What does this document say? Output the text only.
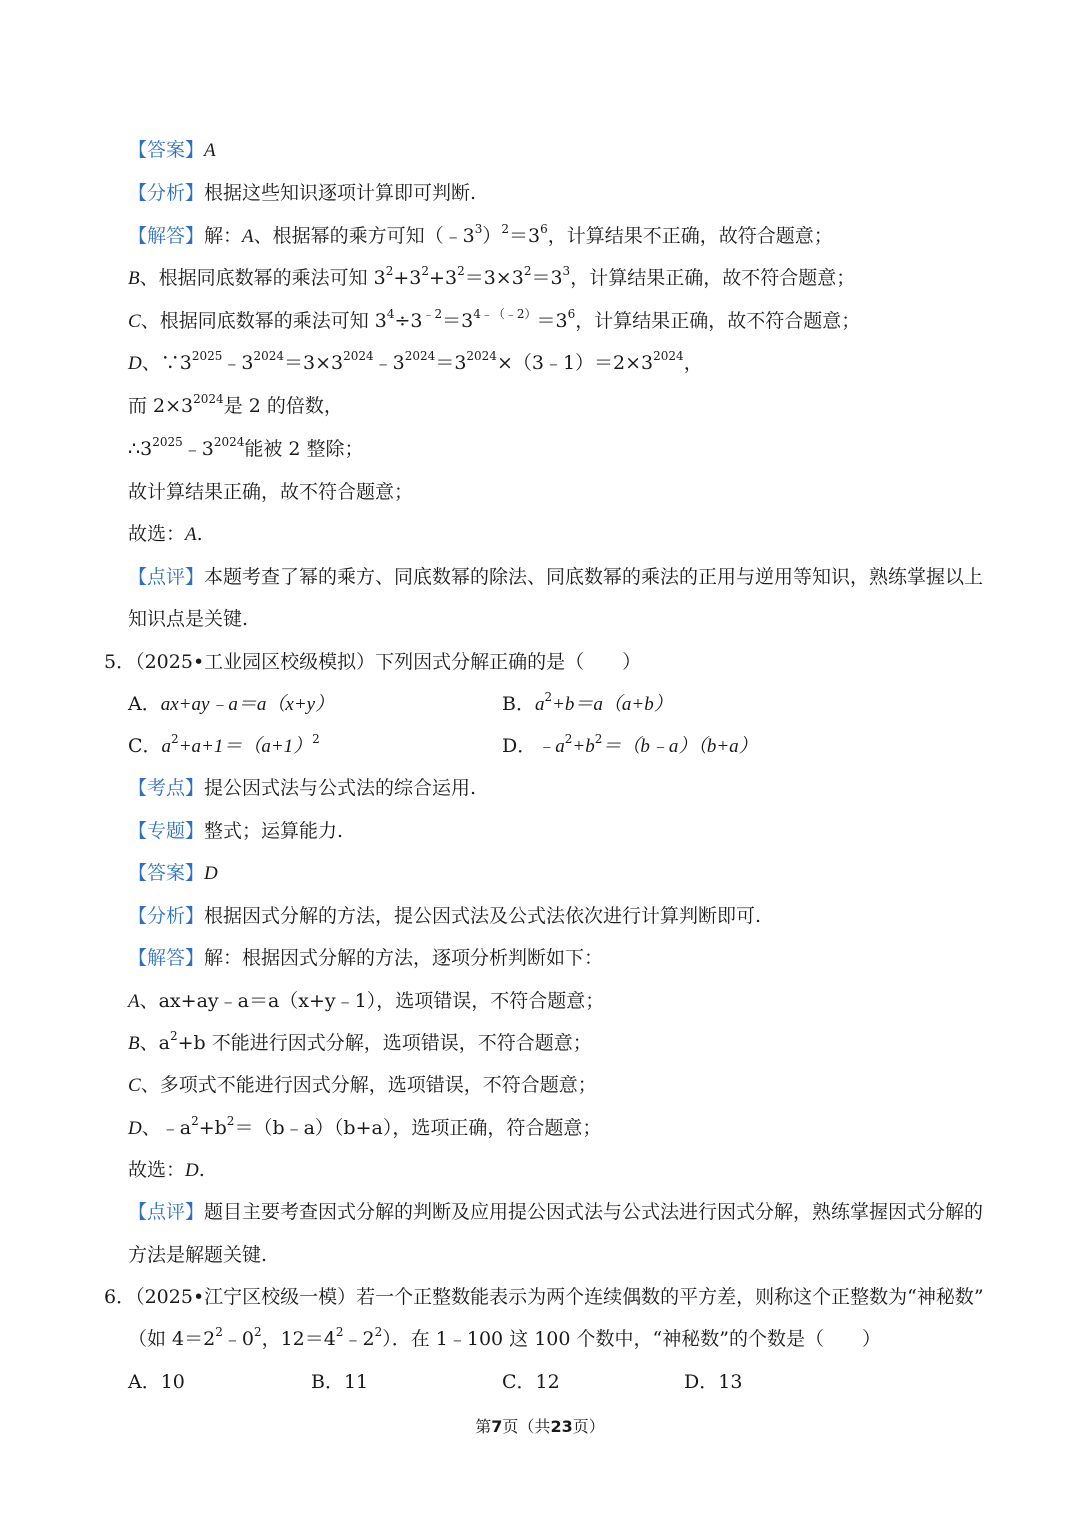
【答案】A
【分析】根据这些知识逐项计算即可判断.
【解答】解：A、根据幂的乘方可知$(﹣3^3)^2=3^6$，计算结果不正确，故符合题意；
B、根据同底数幂的乘法可知 $3^2+3^2+3^2=3\times 3^2=3^3$，计算结果正确，故不符合题意；
C、根据同底数幂的乘法可知 $3^4\div 3^{﹣2}=3^{4﹣(﹣2)}=3^6$，计算结果正确，故不符合题意；
D、$\because 3^{2025}﹣3^{2024}=3\times 3^{2024}﹣3^{2024}=3^{2024}\times(3﹣1)=2\times 3^{2024}$，
而 $2\times 3^{2024}$是 2 的倍数，
$\therefore 3^{2025}﹣3^{2024}$能被 2 整除；
故计算结果正确，故不符合题意；
故选：A.
【点评】本题考查了幂的乘方、同底数幂的除法、同底数幂的乘法的正用与逆用等知识，熟练掌握以上
知识点是关键.
5．（2025•工业园区校级模拟）下列因式分解正确的是（　　）
A．ax+ay﹣a＝a（x+y）	B．$a^2+b=a(a+b)$
C．$a^2+a+1=(a+1)^2$	D．$﹣a^2+b^2=(b﹣a)(b+a)$
【考点】提公因式法与公式法的综合运用.
【专题】整式；运算能力.
【答案】D
【分析】根据因式分解的方法，提公因式法及公式法依次进行计算判断即可.
【解答】解：根据因式分解的方法，逐项分析判断如下：
A、ax+ay﹣a＝a（x+y﹣1），选项错误，不符合题意；
B、$a^2+b$ 不能进行因式分解，选项错误，不符合题意；
C、多项式不能进行因式分解，选项错误，不符合题意；
D、$﹣a^2+b^2=(b﹣a)(b+a)$，选项正确，符合题意；
故选：D.
【点评】题目主要考查因式分解的判断及应用提公因式法与公式法进行因式分解，熟练掌握因式分解的
方法是解题关键.
6．（2025•江宁区校级一模）若一个正整数能表示为两个连续偶数的平方差，则称这个正整数为“神秘数”
（如 $4=2^2﹣0^2$，$12=4^2﹣2^2$）．在 1﹣100 这 100 个数中，“神秘数”的个数是（　　）
A．10	B．11	C．12	D．13
第7页（共23页）
